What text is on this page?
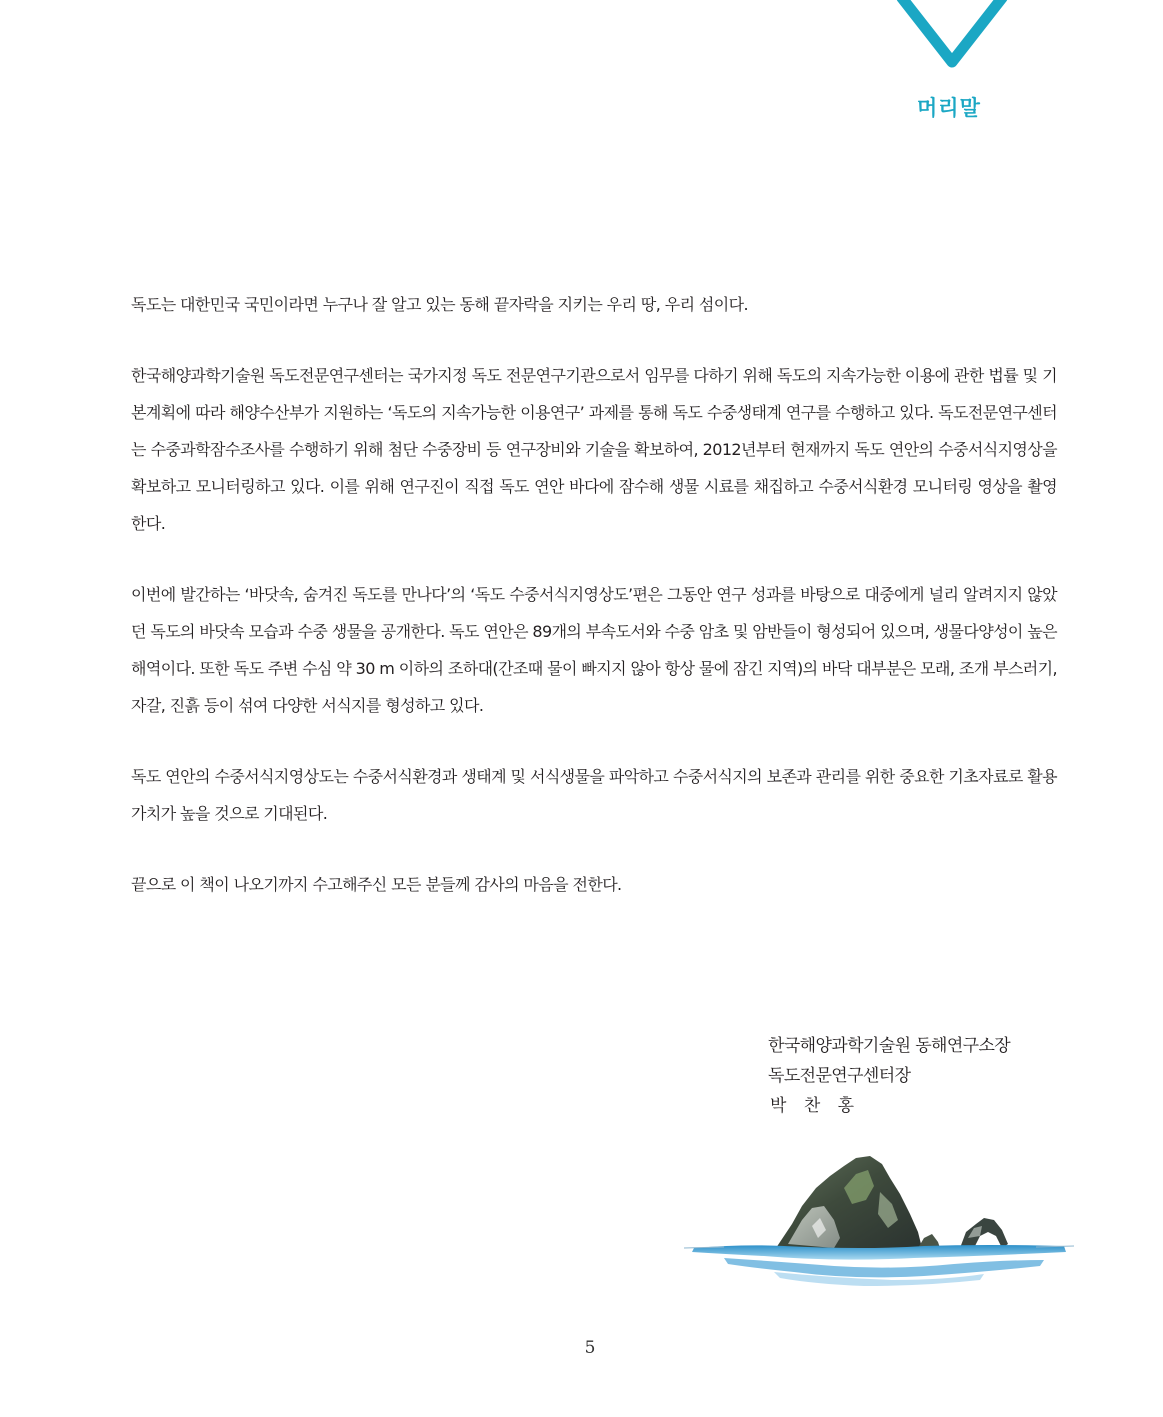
머리말

독도는 대한민국 국민이라면 누구나 잘 알고 있는 동해 끝자락을 지키는 우리 땅, 우리 섬이다.

한국해양과학기술원 독도전문연구센터는 국가지정 독도 전문연구기관으로서 임무를 다하기 위해 독도의 지속가능한 이용에 관한 법률 및 기본계획에 따라 해양수산부가 지원하는 ‘독도의 지속가능한 이용연구’ 과제를 통해 독도 수중생태계 연구를 수행하고 있다. 독도전문연구센터는 수중과학잠수조사를 수행하기 위해 첨단 수중장비 등 연구장비와 기술을 확보하여, 2012년부터 현재까지 독도 연안의 수중서식지영상을 확보하고 모니터링하고 있다. 이를 위해 연구진이 직접 독도 연안 바다에 잠수해 생물 시료를 채집하고 수중서식환경 모니터링 영상을 촬영한다.

이번에 발간하는 ‘바닷속, 숨겨진 독도를 만나다’의 ‘독도 수중서식지영상도’편은 그동안 연구 성과를 바탕으로 대중에게 널리 알려지지 않았던 독도의 바닷속 모습과 수중 생물을 공개한다. 독도 연안은 89개의 부속도서와 수중 암초 및 암반들이 형성되어 있으며, 생물다양성이 높은 해역이다. 또한 독도 주변 수심 약 30 m 이하의 조하대(간조때 물이 빠지지 않아 항상 물에 잠긴 지역)의 바닥 대부분은 모래, 조개 부스러기, 자갈, 진흙 등이 섞여 다양한 서식지를 형성하고 있다.

독도 연안의 수중서식지영상도는 수중서식환경과 생태계 및 서식생물을 파악하고 수중서식지의 보존과 관리를 위한 중요한 기초자료로 활용 가치가 높을 것으로 기대된다.

끝으로 이 책이 나오기까지 수고해주신 모든 분들께 감사의 마음을 전한다.

한국해양과학기술원 동해연구소장
독도전문연구센터장
박 찬 홍
5
